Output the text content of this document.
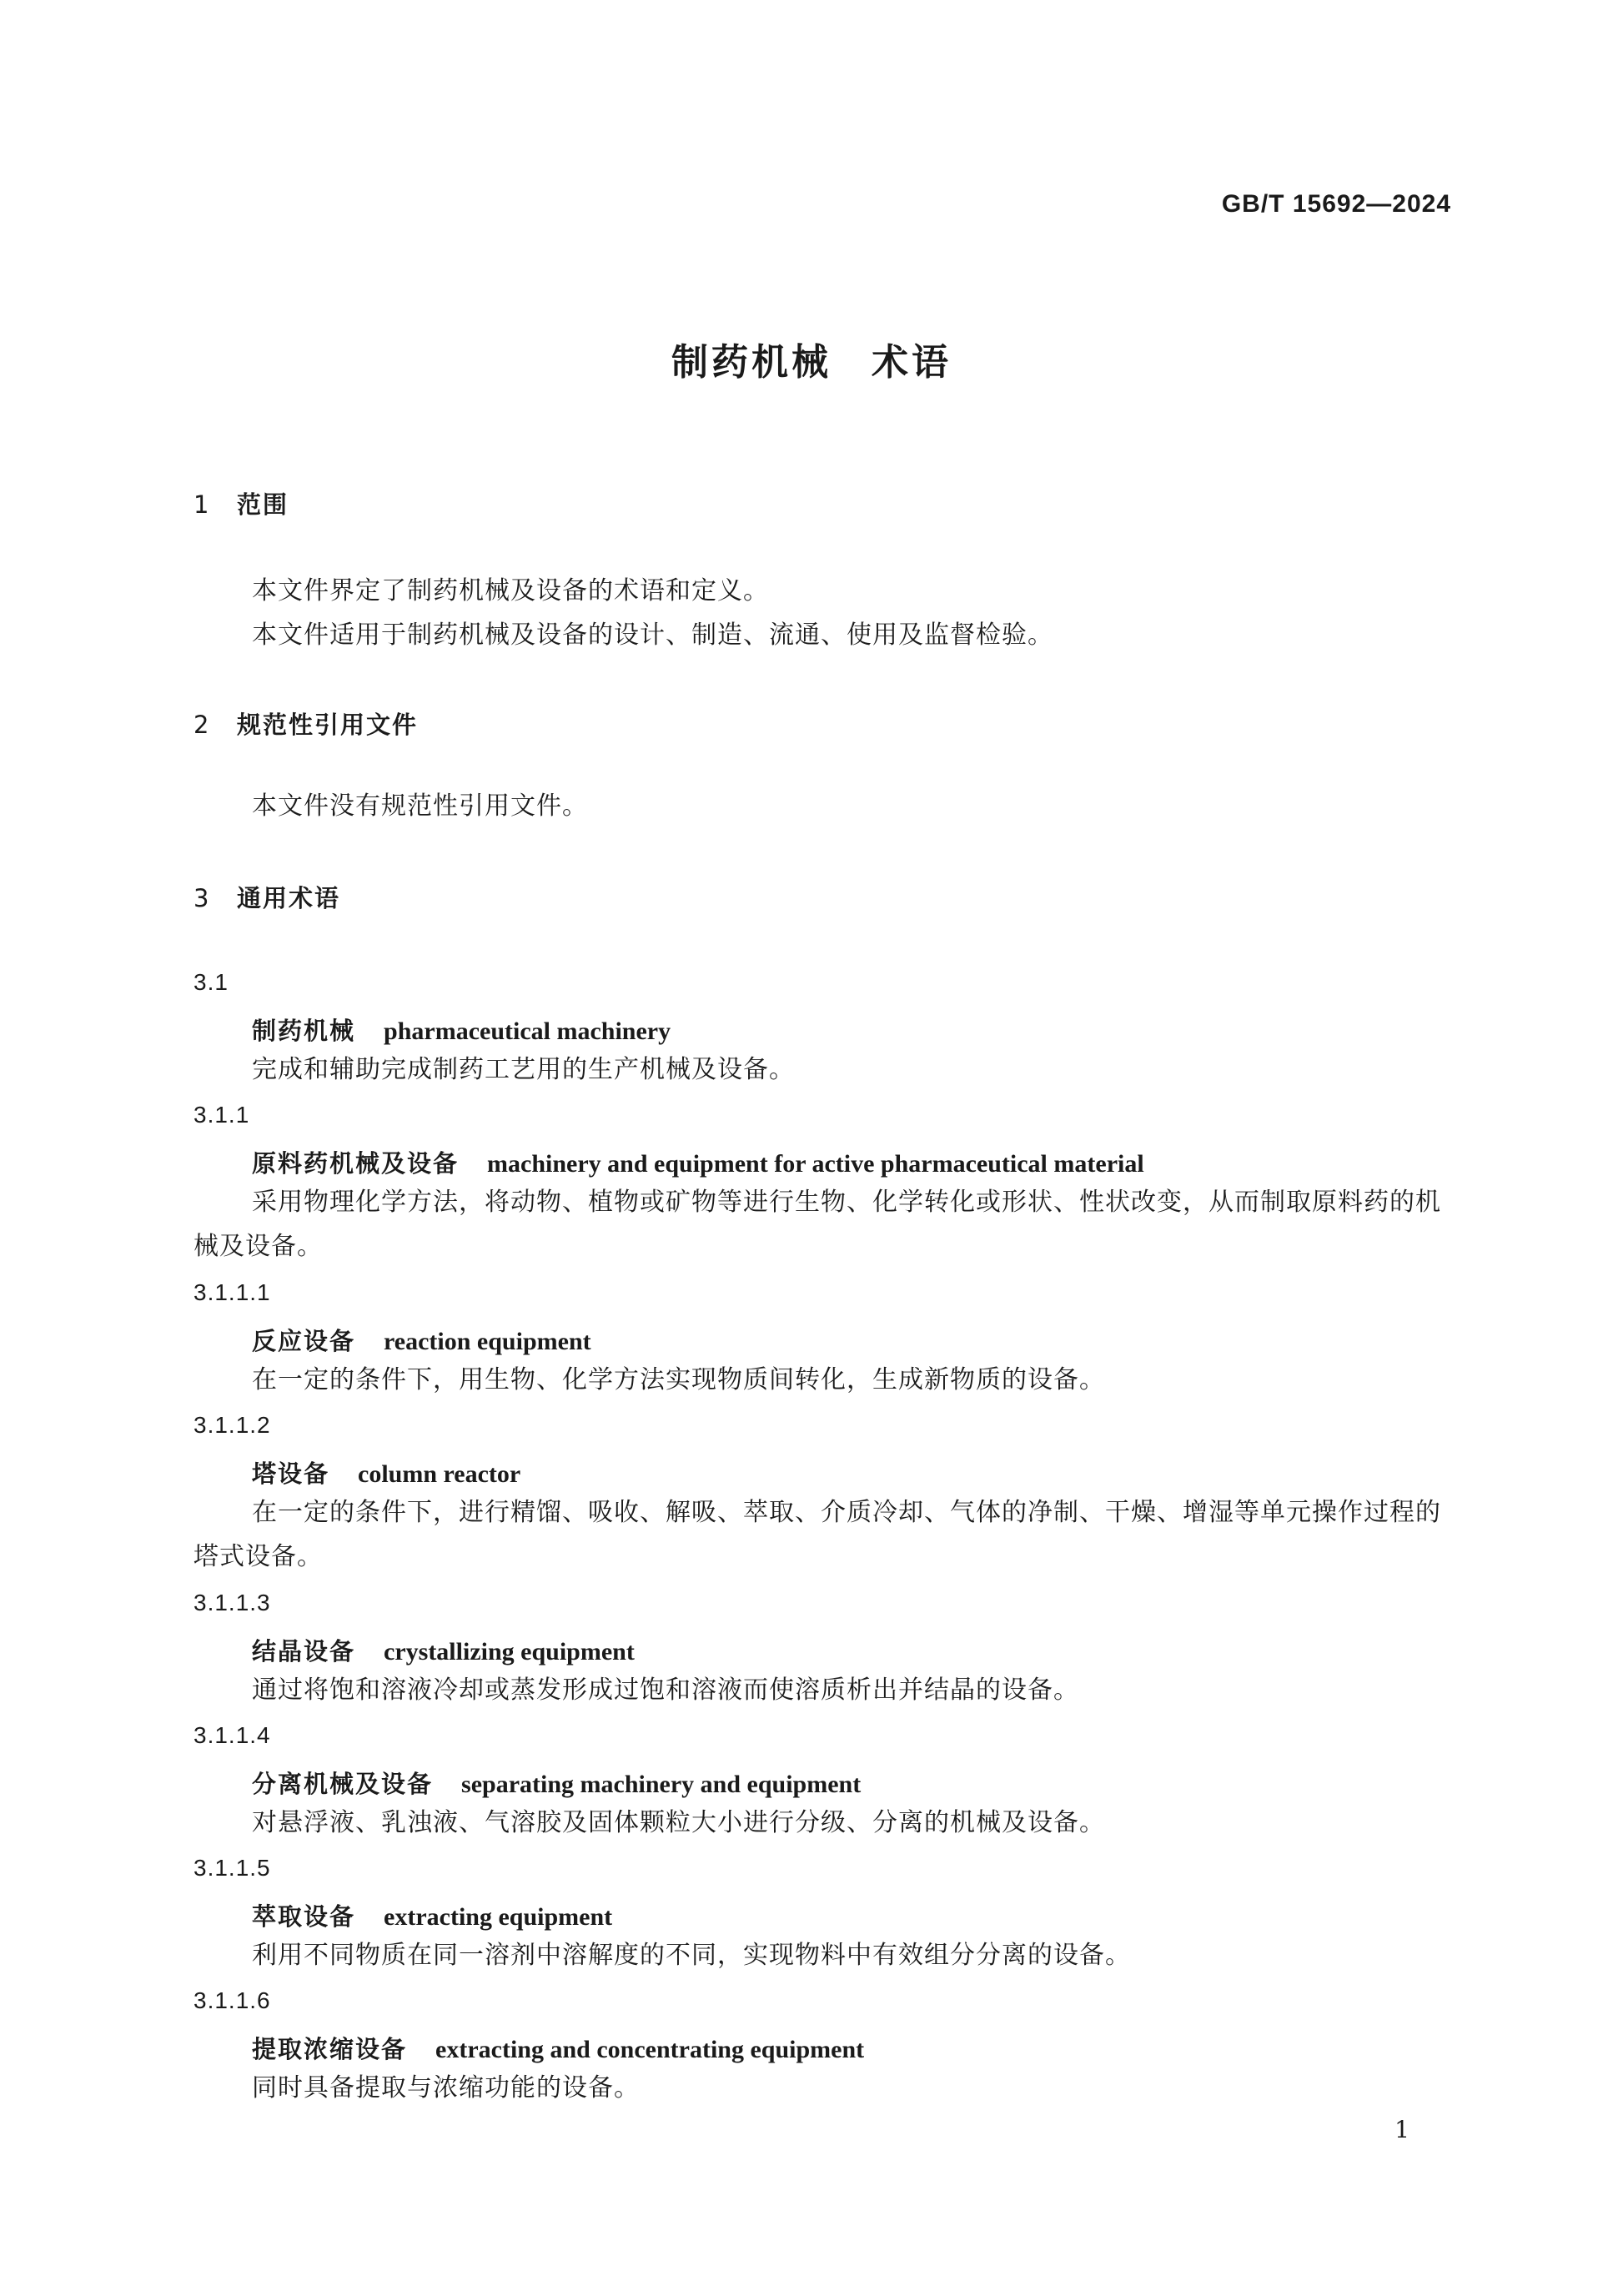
GB/T 15692—2024
制药机械　术语
1 范围
本文件界定了制药机械及设备的术语和定义。
本文件适用于制药机械及设备的设计、制造、流通、使用及监督检验。
2 规范性引用文件
本文件没有规范性引用文件。
3 通用术语
3.1
制药机械 pharmaceutical machinery
完成和辅助完成制药工艺用的生产机械及设备。
3.1.1
原料药机械及设备 machinery and equipment for active pharmaceutical material
采用物理化学方法，将动物、植物或矿物等进行生物、化学转化或形状、性状改变，从而制取原料药的机械及设备。
3.1.1.1
反应设备 reaction equipment
在一定的条件下，用生物、化学方法实现物质间转化，生成新物质的设备。
3.1.1.2
塔设备 column reactor
在一定的条件下，进行精馏、吸收、解吸、萃取、介质冷却、气体的净制、干燥、增湿等单元操作过程的塔式设备。
3.1.1.3
结晶设备 crystallizing equipment
通过将饱和溶液冷却或蒸发形成过饱和溶液而使溶质析出并结晶的设备。
3.1.1.4
分离机械及设备 separating machinery and equipment
对悬浮液、乳浊液、气溶胶及固体颗粒大小进行分级、分离的机械及设备。
3.1.1.5
萃取设备 extracting equipment
利用不同物质在同一溶剂中溶解度的不同，实现物料中有效组分分离的设备。
3.1.1.6
提取浓缩设备 extracting and concentrating equipment
同时具备提取与浓缩功能的设备。
1
